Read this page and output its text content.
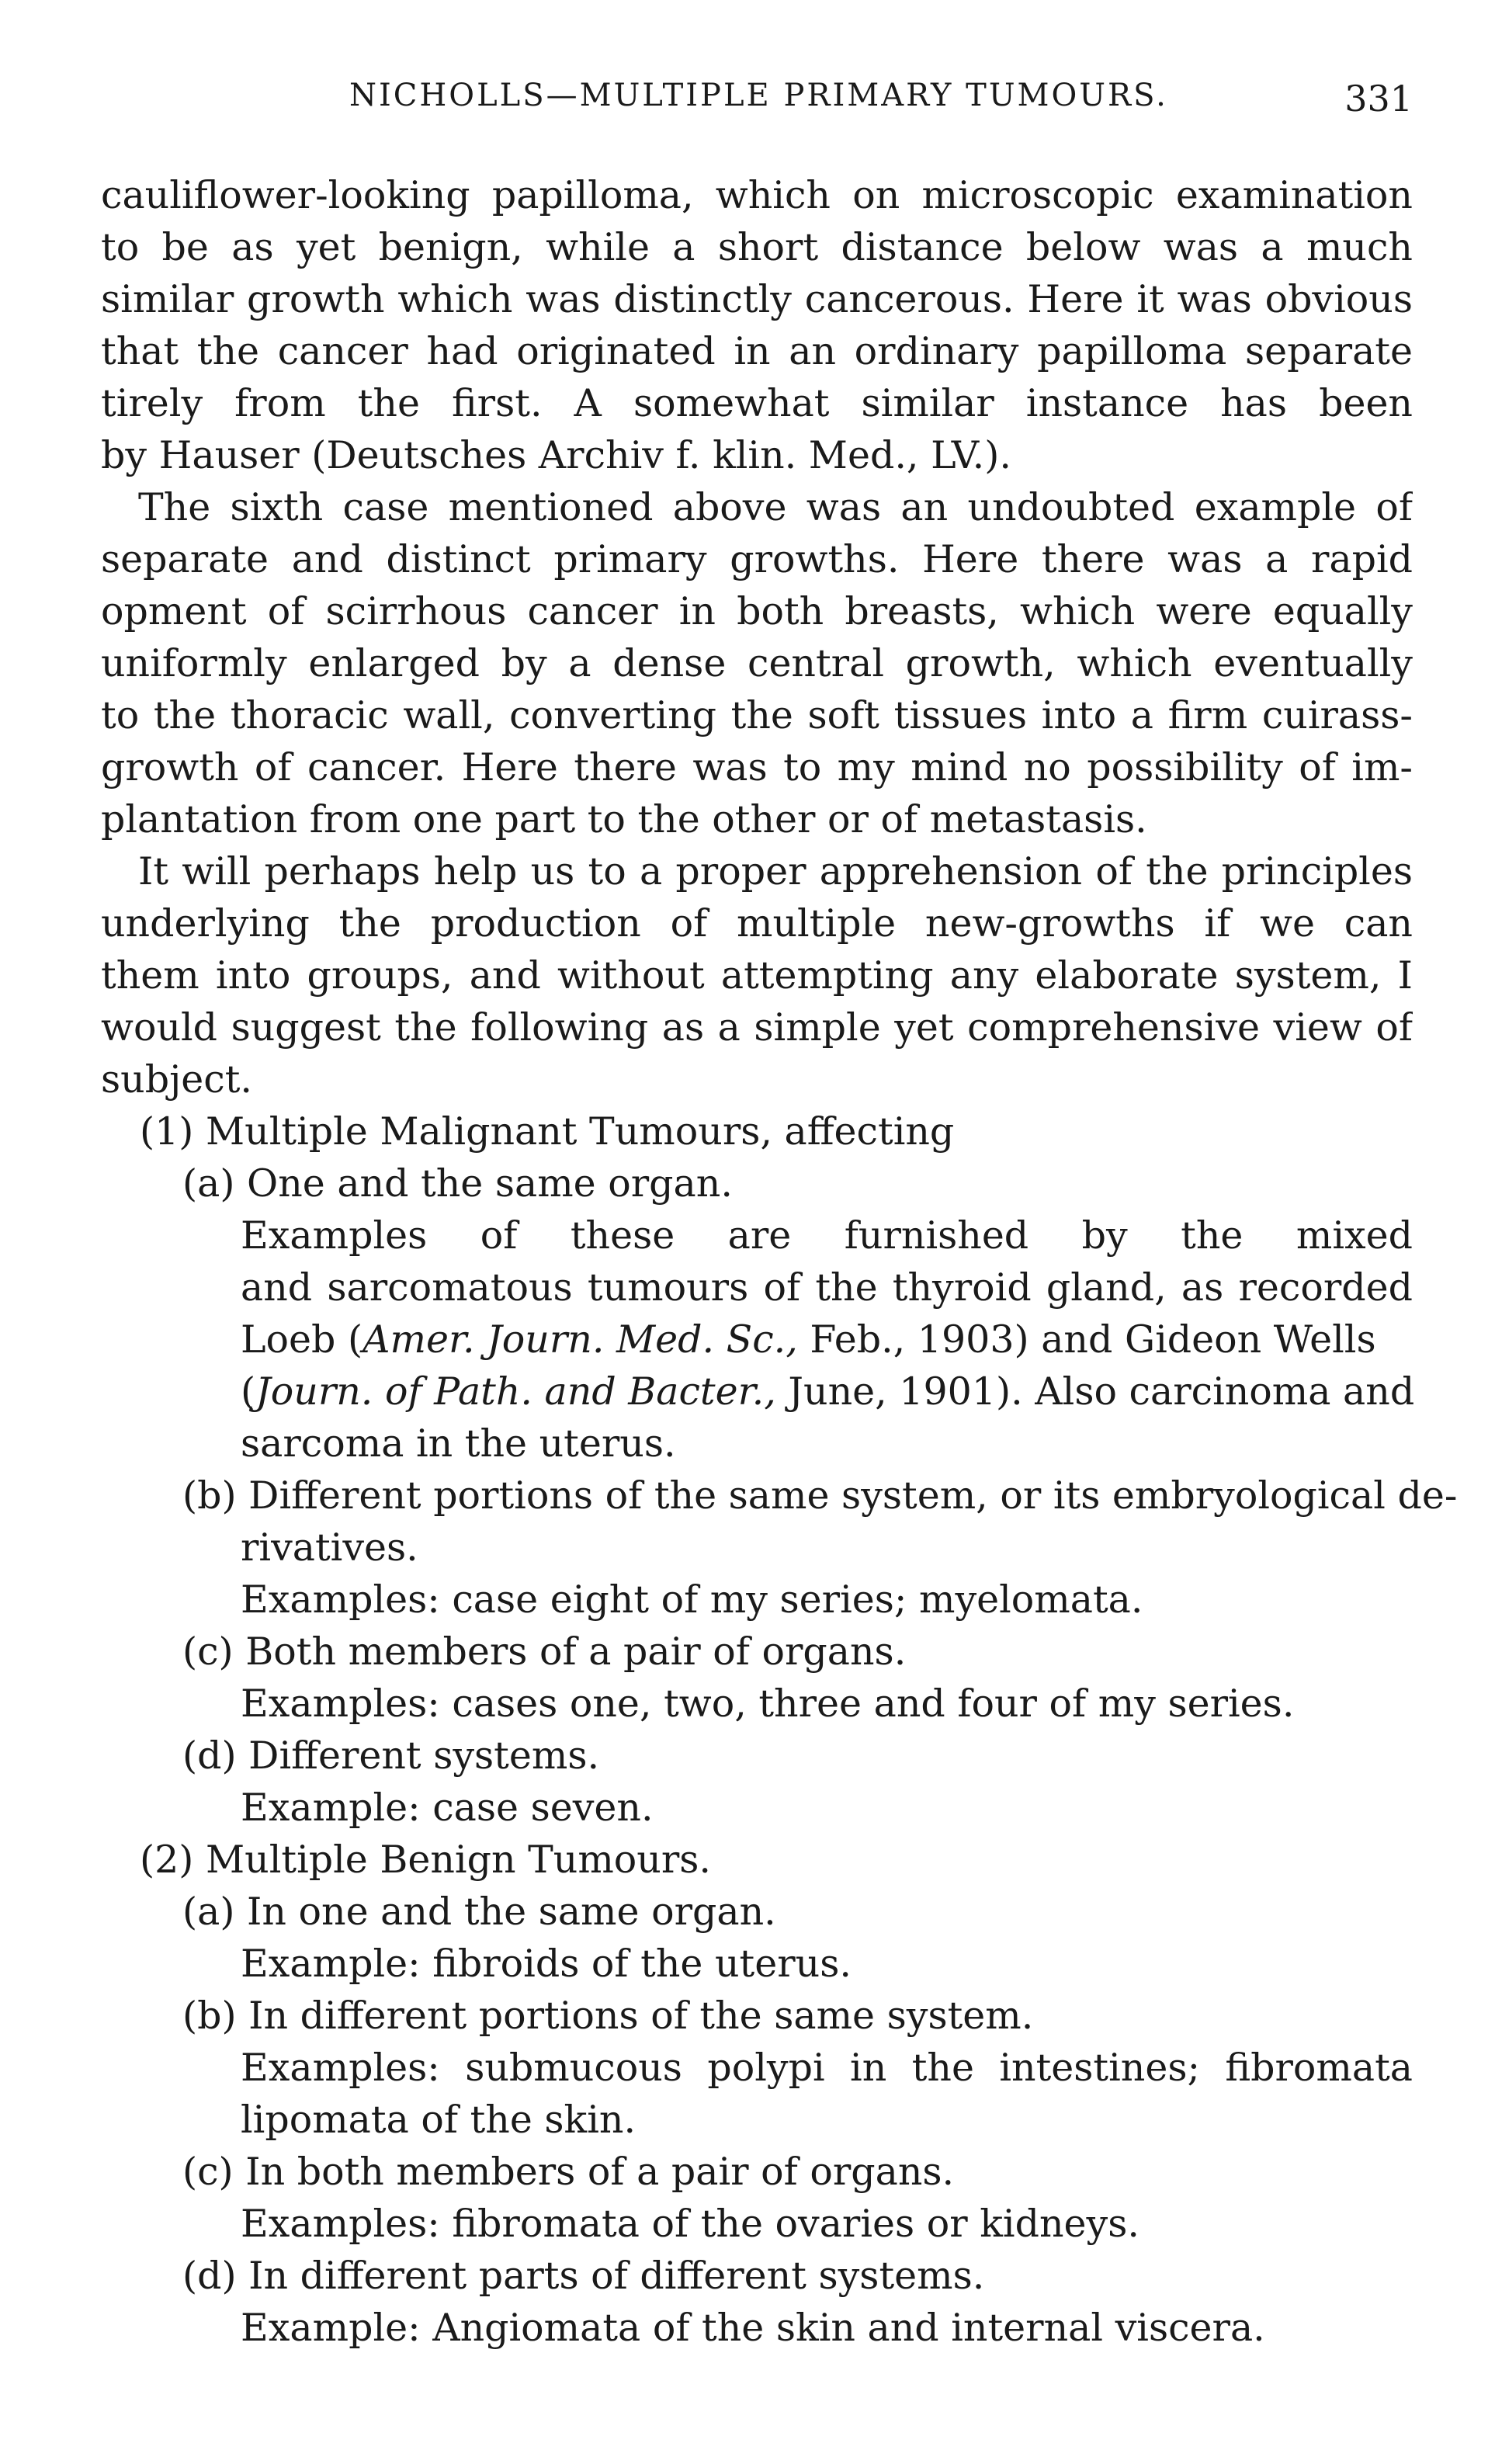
NICHOLLS—MULTIPLE PRIMARY TUMOURS.	331
cauliflower-looking papilloma, which on microscopic examination
to be as yet benign, while a short distance below was a much
similar growth which was distinctly cancerous. Here it was obvious
that the cancer had originated in an ordinary papilloma separate
tirely from the first. A somewhat similar instance has been
by Hauser (Deutsches Archiv f. klin. Med., LV.).
The sixth case mentioned above was an undoubted example of
separate and distinct primary growths. Here there was a rapid
opment of scirrhous cancer in both breasts, which were equally
uniformly enlarged by a dense central growth, which eventually
to the thoracic wall, converting the soft tissues into a firm cuirass-
growth of cancer. Here there was to my mind no possibility of im-
plantation from one part to the other or of metastasis.
It will perhaps help us to a proper apprehension of the principles
underlying the production of multiple new-growths if we can
them into groups, and without attempting any elaborate system, I
would suggest the following as a simple yet comprehensive view of
subject.
(1) Multiple Malignant Tumours, affecting
(a) One and the same organ.
Examples of these are furnished by the mixed
and sarcomatous tumours of the thyroid gland, as recorded
Loeb (Amer. Journ. Med. Sc., Feb., 1903) and Gideon Wells
(Journ. of Path. and Bacter., June, 1901). Also carcinoma and
sarcoma in the uterus.
(b) Different portions of the same system, or its embryological de-
rivatives.
Examples: case eight of my series; myelomata.
(c) Both members of a pair of organs.
Examples: cases one, two, three and four of my series.
(d) Different systems.
Example: case seven.
(2) Multiple Benign Tumours.
(a) In one and the same organ.
Example: fibroids of the uterus.
(b) In different portions of the same system.
Examples: submucous polypi in the intestines; fibromata
lipomata of the skin.
(c) In both members of a pair of organs.
Examples: fibromata of the ovaries or kidneys.
(d) In different parts of different systems.
Example: Angiomata of the skin and internal viscera.
